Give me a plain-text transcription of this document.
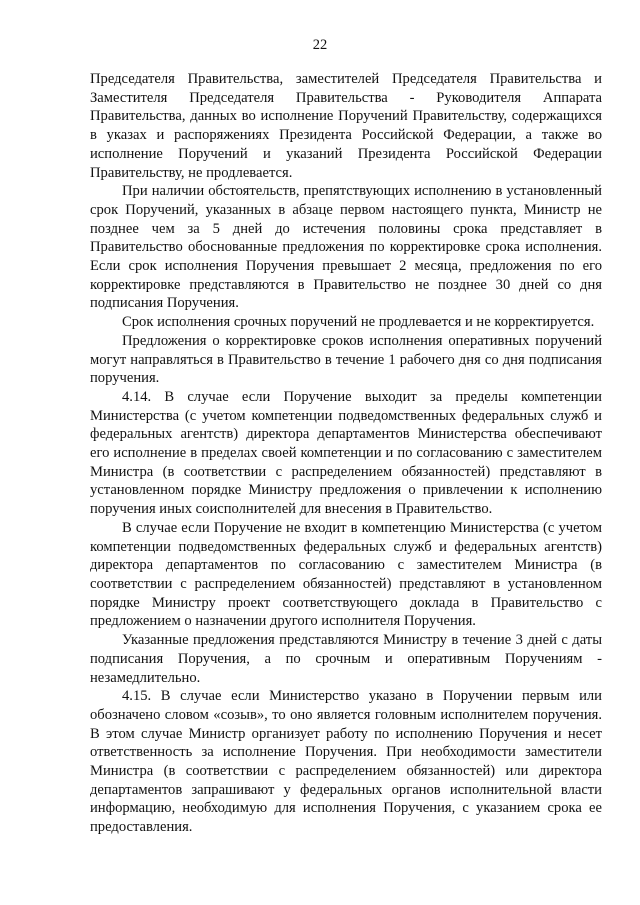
22

Председателя Правительства, заместителей Председателя Правительства и Заместителя Председателя Правительства - Руководителя Аппарата Правительства, данных во исполнение Поручений Правительству, содержащихся в указах и распоряжениях Президента Российской Федерации, а также во исполнение Поручений и указаний Президента Российской Федерации Правительству, не продлевается.

При наличии обстоятельств, препятствующих исполнению в установленный срок Поручений, указанных в абзаце первом настоящего пункта, Министр не позднее чем за 5 дней до истечения половины срока представляет в Правительство обоснованные предложения по корректировке срока исполнения. Если срок исполнения Поручения превышает 2 месяца, предложения по его корректировке представляются в Правительство не позднее 30 дней со дня подписания Поручения.

Срок исполнения срочных поручений не продлевается и не корректируется.

Предложения о корректировке сроков исполнения оперативных поручений могут направляться в Правительство в течение 1 рабочего дня со дня подписания поручения.

4.14. В случае если Поручение выходит за пределы компетенции Министерства (с учетом компетенции подведомственных федеральных служб и федеральных агентств) директора департаментов Министерства обеспечивают его исполнение в пределах своей компетенции и по согласованию с заместителем Министра (в соответствии с распределением обязанностей) представляют в установленном порядке Министру предложения о привлечении к исполнению поручения иных соисполнителей для внесения в Правительство.

В случае если Поручение не входит в компетенцию Министерства (с учетом компетенции подведомственных федеральных служб и федеральных агентств) директора департаментов по согласованию с заместителем Министра (в соответствии с распределением обязанностей) представляют в установленном порядке Министру проект соответствующего доклада в Правительство с предложением о назначении другого исполнителя Поручения.

Указанные предложения представляются Министру в течение 3 дней с даты подписания Поручения, а по срочным и оперативным Поручениям - незамедлительно.

4.15. В случае если Министерство указано в Поручении первым или обозначено словом «созыв», то оно является головным исполнителем поручения. В этом случае Министр организует работу по исполнению Поручения и несет ответственность за исполнение Поручения. При необходимости заместители Министра (в соответствии с распределением обязанностей) или директора департаментов запрашивают у федеральных органов исполнительной власти информацию, необходимую для исполнения Поручения, с указанием срока ее предоставления.
